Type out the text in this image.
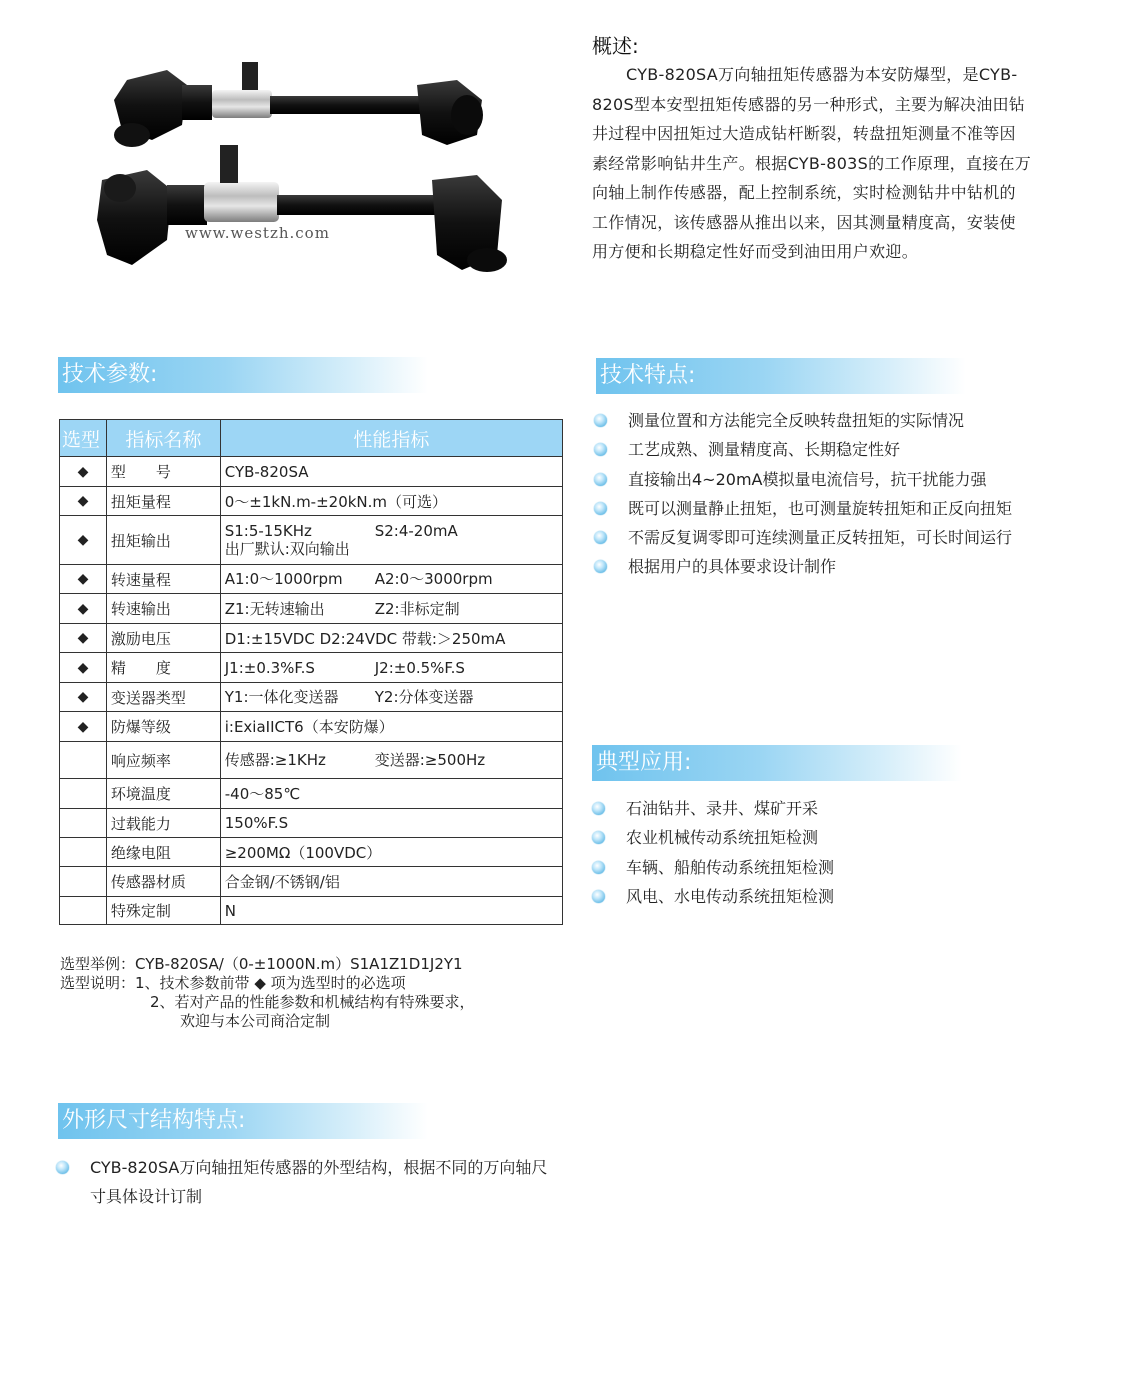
www.westzh.com
概述:
CYB-820SA万向轴扭矩传感器为本安防爆型，是CYB-820S型本安型扭矩传感器的另一种形式，主要为解决油田钻井过程中因扭矩过大造成钻杆断裂，转盘扭矩测量不准等因素经常影响钻井生产。根据CYB-803S的工作原理，直接在万向轴上制作传感器，配上控制系统，实时检测钻井中钻机的工作情况，该传感器从推出以来，因其测量精度高，安装使用方便和长期稳定性好而受到油田用户欢迎。
技术参数:	技术特点:
典型应用:
外形尺寸结构特点:
选型	指标名称	性能指标
◆	型　　号	CYB-820SA
◆	扭矩量程	0～±1kN.m-±20kN.m（可选）
◆	扭矩输出	S1:5-15KHz S2:4-20mA
出厂默认:双向输出

◆	转速量程	A1:0～1000rpm A2:0～3000rpm

◆	转速输出	Z1:无转速输出 Z2:非标定制

◆	激励电压	D1:±15VDC D2:24VDC 带载:＞250mA
◆	精　　度	J1:±0.3%F.S J2:±0.5%F.S

◆	变送器类型	Y1:一体化变送器 Y2:分体变送器

◆	防爆等级	i:ExiaIICT6（本安防爆）
	响应频率	传感器:≥1KHz 变送器:≥500Hz

	环境温度	-40～85℃
	过载能力	150%F.S
	绝缘电阻	≥200MΩ（100VDC）
	传感器材质	合金钢/不锈钢/铝
	特殊定制	N
选型举例：CYB-820SA/（0-±1000N.m）S1A1Z1D1J2Y1
选型说明：1、技术参数前带 ◆ 项为选型时的必选项
2、若对产品的性能参数和机械结构有特殊要求，
欢迎与本公司商洽定制
测量位置和方法能完全反映转盘扭矩的实际情况
工艺成熟、测量精度高、长期稳定性好
直接输出4~20mA模拟量电流信号，抗干扰能力强
既可以测量静止扭矩，也可测量旋转扭矩和正反向扭矩
不需反复调零即可连续测量正反转扭矩，可长时间运行
根据用户的具体要求设计制作
石油钻井、录井、煤矿开采
农业机械传动系统扭矩检测
车辆、船舶传动系统扭矩检测
风电、水电传动系统扭矩检测
CYB-820SA万向轴扭矩传感器的外型结构，根据不同的万向轴尺寸具体设计订制
